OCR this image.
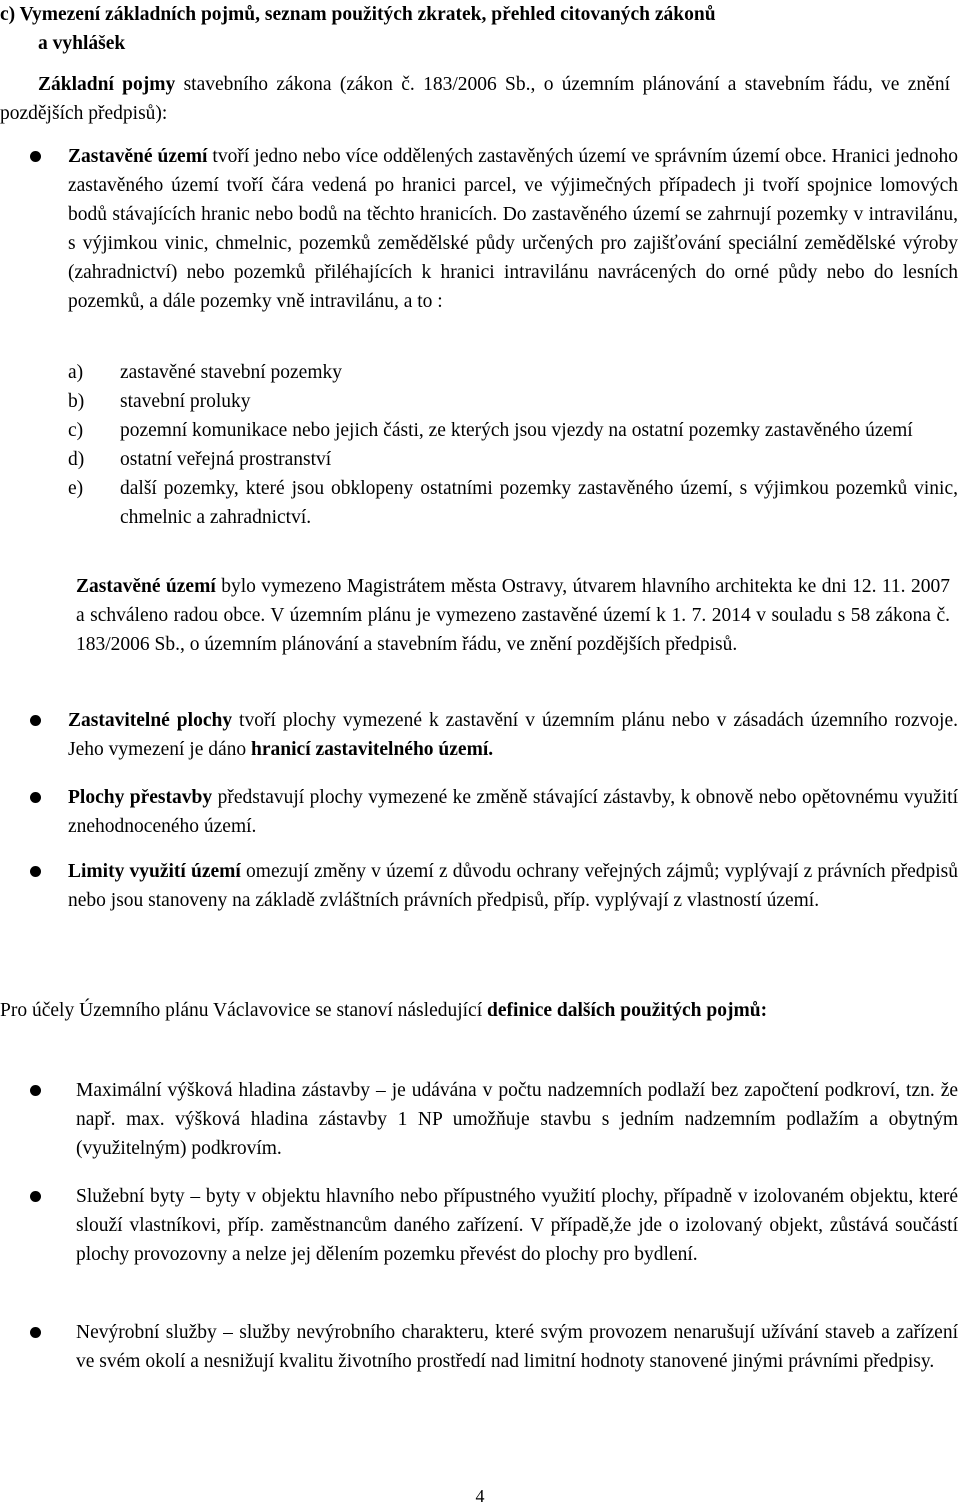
c) Vymezení základních pojmů, seznam použitých zkratek, přehled citovaných zákonů
a vyhlášek
Základní pojmy stavebního zákona (zákon č. 183/2006 Sb., o územním plánování a stavebním řádu, ve znění pozdějších předpisů):
Zastavěné území tvoří jedno nebo více oddělených zastavěných území ve správním území obce. Hranici jednoho zastavěného území tvoří čára vedená po hranici parcel, ve výjimečných případech ji tvoří spojnice lomových bodů stávajících hranic nebo bodů na těchto hranicích. Do zastavěného území se zahrnují pozemky v intravilánu, s výjimkou vinic, chmelnic, pozemků zemědělské půdy určených pro zajišťování speciální zemědělské výroby (zahradnictví) nebo pozemků přiléhajících k hranici intravilánu navrácených do orné půdy nebo do lesních pozemků, a dále pozemky vně intravilánu, a to :
a) zastavěné stavební pozemky
b) stavební proluky
c) pozemní komunikace nebo jejich části, ze kterých jsou vjezdy na ostatní pozemky zastavěného území
d) ostatní veřejná prostranství
e) další pozemky, které jsou obklopeny ostatními pozemky zastavěného území, s výjimkou pozemků vinic, chmelnic a zahradnictví.
Zastavěné území bylo vymezeno Magistrátem města Ostravy, útvarem hlavního architekta ke dni 12. 11. 2007 a schváleno radou obce. V územním plánu je vymezeno zastavěné území k 1. 7. 2014 v souladu s 58 zákona č. 183/2006 Sb., o územním plánování a stavebním řádu, ve znění pozdějších předpisů.
Zastavitelné plochy tvoří plochy vymezené k zastavění v územním plánu nebo v zásadách územního rozvoje. Jeho vymezení je dáno hranicí zastavitelného území.
Plochy přestavby představují plochy vymezené ke změně stávající zástavby, k obnově nebo opětovnému využití znehodnoceného území.
Limity využití území omezují změny v území z důvodu ochrany veřejných zájmů; vyplývají z právních předpisů nebo jsou stanoveny na základě zvláštních právních předpisů, příp. vyplývají z vlastností území.
Pro účely Územního plánu Václavovice se stanoví následující definice dalších použitých pojmů:
Maximální výšková hladina zástavby – je udávána v počtu nadzemních podlaží bez započtení podkroví, tzn. že např. max. výšková hladina zástavby 1 NP umožňuje stavbu s jedním nadzemním podlažím a obytným (využitelným) podkrovím.
Služební byty – byty v objektu hlavního nebo přípustného využití plochy, případně v izolovaném objektu, které slouží vlastníkovi, příp. zaměstnancům daného zařízení. V případě,že jde o izolovaný objekt, zůstává součástí plochy provozovny a nelze jej dělením pozemku převést do plochy pro bydlení.
Nevýrobní služby – služby nevýrobního charakteru, které svým provozem nenarušují užívání staveb a zařízení ve svém okolí a nesnižují kvalitu životního prostředí nad limitní hodnoty stanovené jinými právními předpisy.
4
